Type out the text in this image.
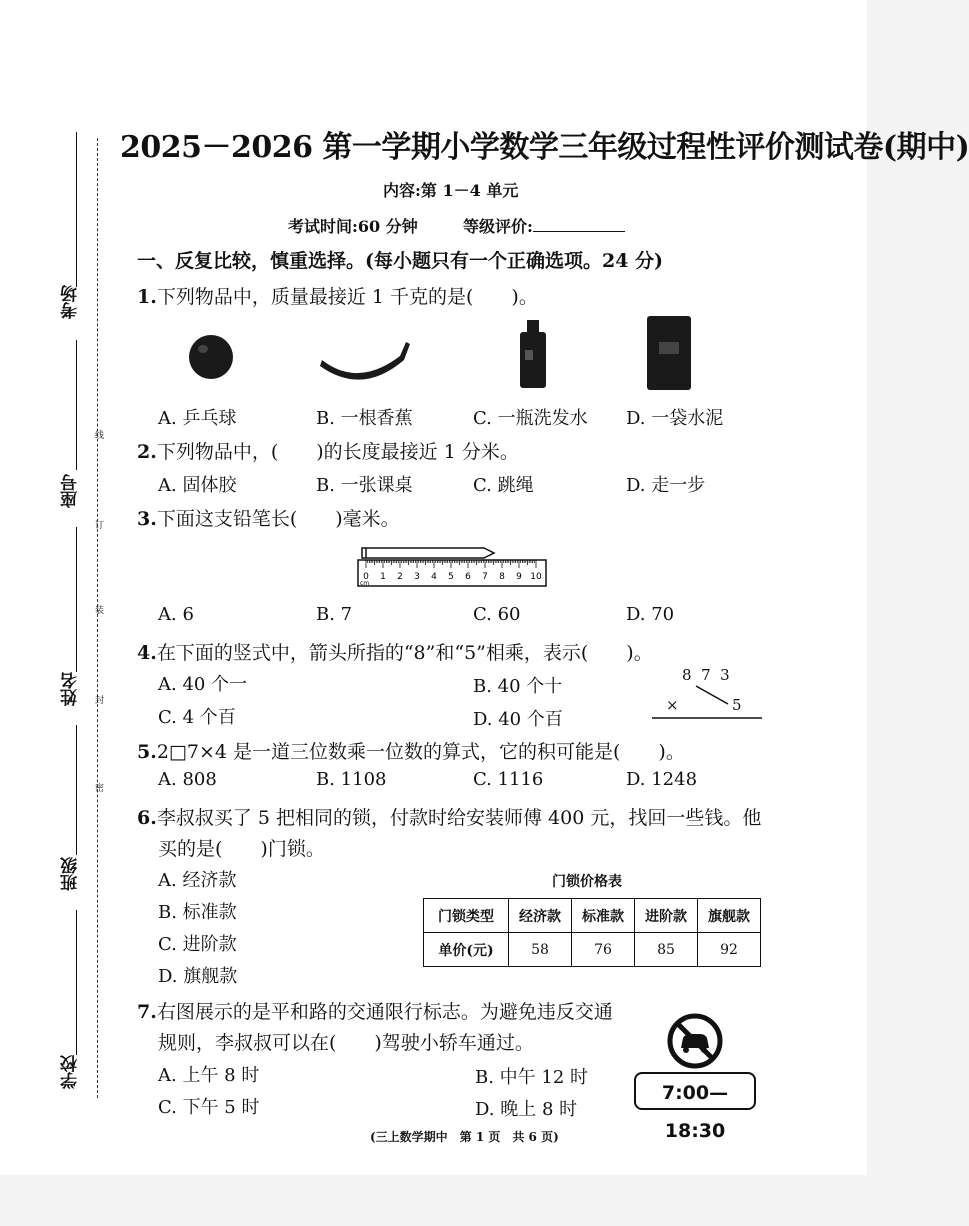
考场
座号
姓名
班级
学校
线
订
装
封
密
2025－2026 第一学期小学数学三年级过程性评价测试卷(期中)
内容:第 1－4 单元
考试时间:60 分钟	等级评价:
一、反复比较，慎重选择。(每小题只有一个正确选项。24 分)
1.下列物品中，质量最接近 1 千克的是(　　)。
A. 乒乓球	B. 一根香蕉	C. 一瓶洗发水 D. 一袋水泥
2.下列物品中，(　　)的长度最接近 1 分米。
A. 固体胶	B. 一张课桌	C. 跳绳	D. 走一步
3.下面这支铅笔长(　　)毫米。
0 1 2 3 4 5 6 7 8 9 10
cm
A. 6	B. 7	C. 60	D. 70
4.在下面的竖式中，箭头所指的“8”和“5”相乘，表示(　　)。
A. 40 个一	B. 40 个十
C. 4 个百	D. 40 个百
8  7  3
×	5
5.2□7×4 是一道三位数乘一位数的算式，它的积可能是(　　)。
A. 808	B. 1108	C. 1116	D. 1248
6.李叔叔买了 5 把相同的锁，付款时给安装师傅 400 元，找回一些钱。他
买的是(　　)门锁。
A. 经济款
B. 标准款
C. 进阶款
D. 旗舰款
门锁价格表
门锁类型	经济款	标准款	进阶款	旗舰款
单价(元)	58	76	85	92
7.右图展示的是平和路的交通限行标志。为避免违反交通
规则，李叔叔可以在(　　)驾驶小轿车通过。
A. 上午 8 时	B. 中午 12 时
C. 下午 5 时	D. 晚上 8 时
7:00—18:30
(三上数学期中　第 1 页　共 6 页)
